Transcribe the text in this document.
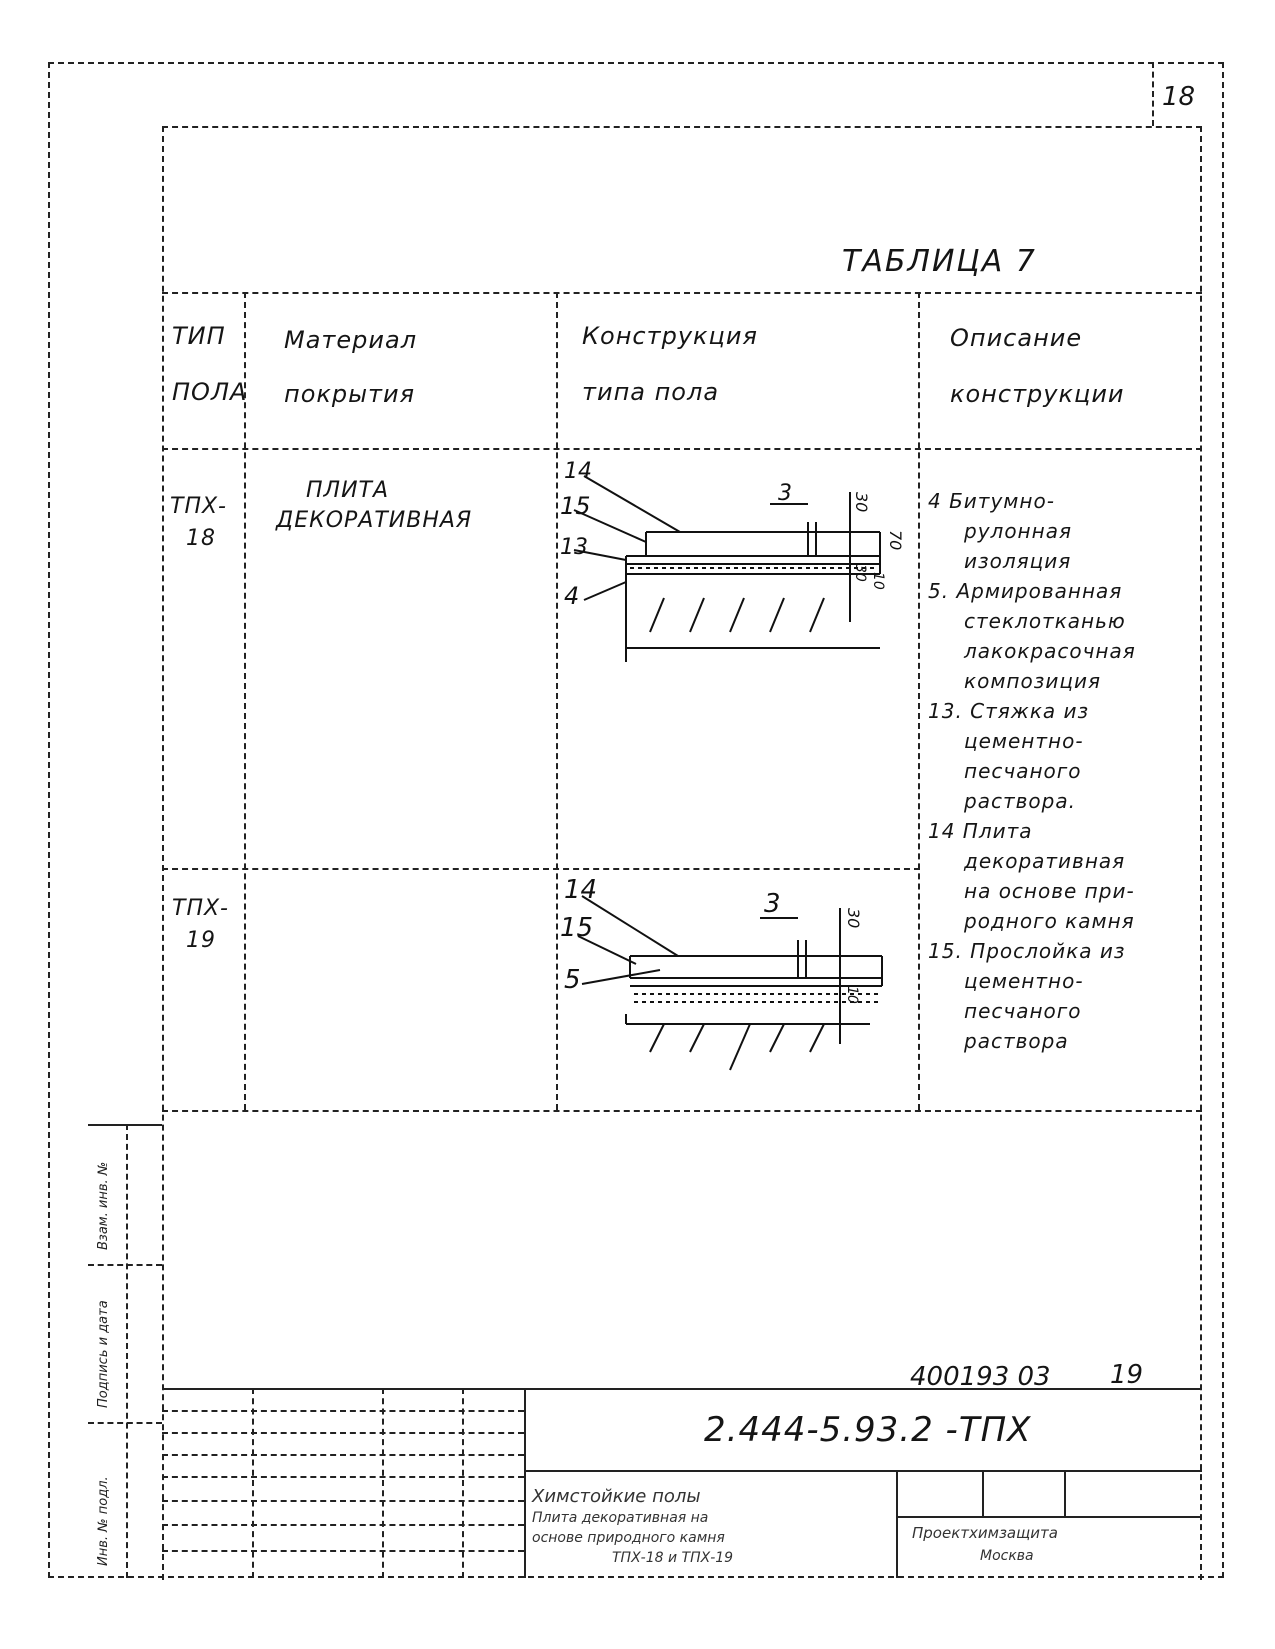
18
ТАБЛИЦА 7
ТИП
ПОЛА
Материал
покрытия
Конструкция
типа пола
Описание
конструкции
ТПХ-
18
ПЛИТА
ДЕКОРАТИВНАЯ
14
15
13
4
3	30
70
30 10
ТПХ-
19
14
15
5
3	30
10
4 Битумно-
рулонная
изоляция
5. Армированная
стеклотканью
лакокрасочная
композиция
13. Стяжка из
цементно-
песчаного
раствора.
14 Плита
декоративная
на основе при-
родного камня
15. Прослойка из
цементно-
песчаного
раствора
400193 03 19
2.444-5.93.2 -ТПХ
Химстойкие полы
Плита декоративная на
основе природного камня
ТПХ-18 и ТПХ-19
Проектхимзащита
Москва
Взам. инв. №
Подпись и дата
Инв. № подл.
